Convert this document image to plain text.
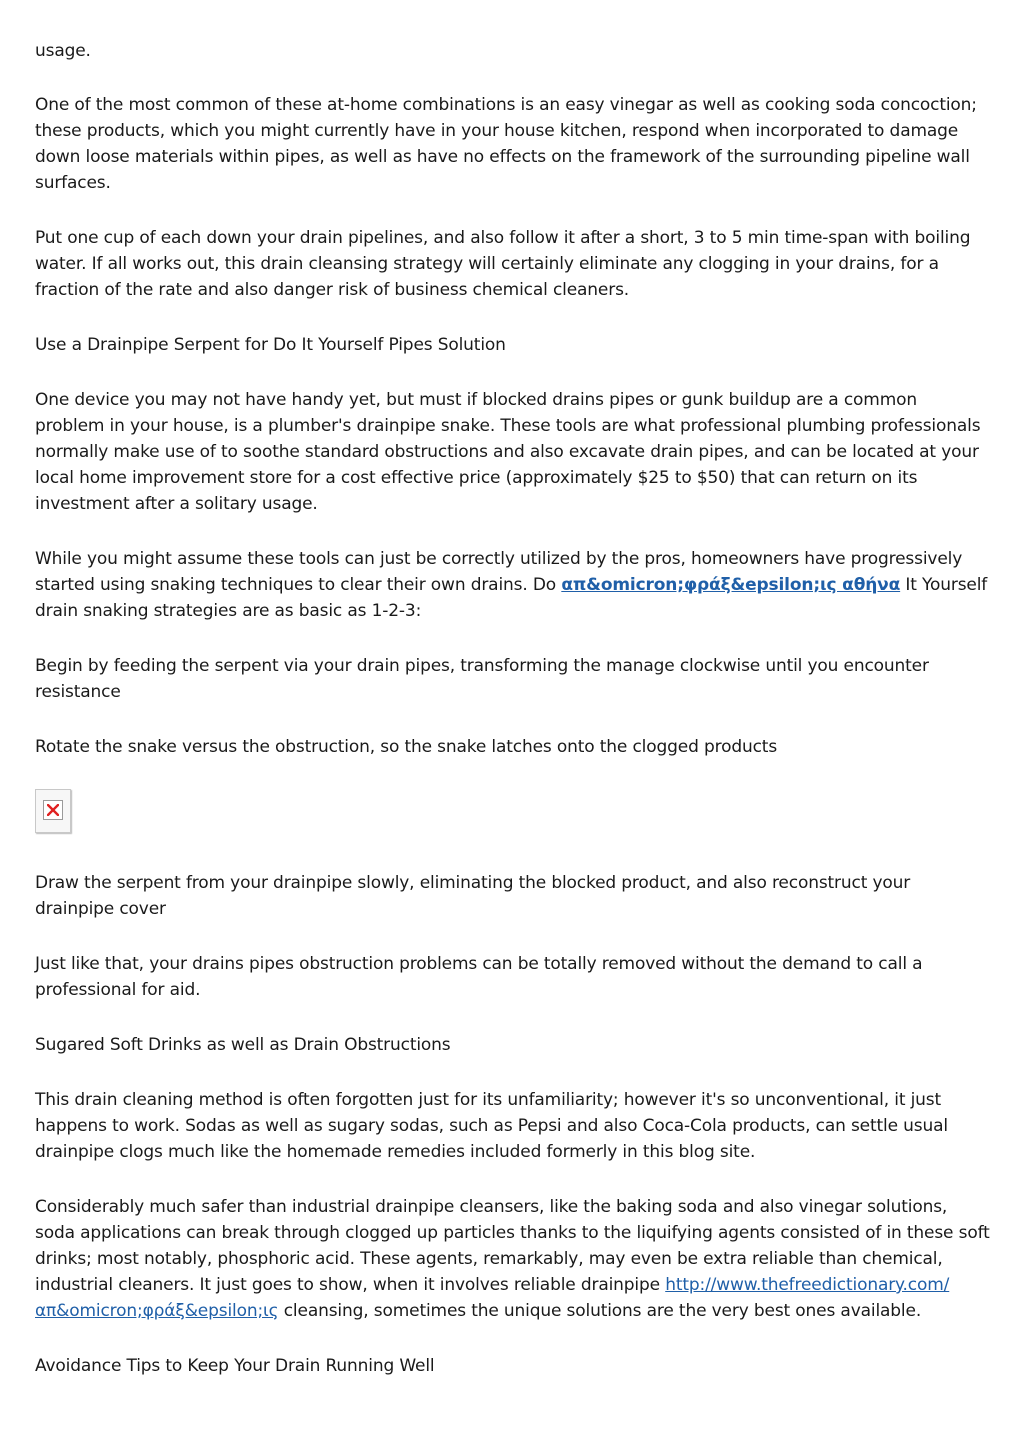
usage.

One of the most common of these at-home combinations is an easy vinegar as well as cooking soda concoction; these products, which you might currently have in your house kitchen, respond when incorporated to damage down loose materials within pipes, as well as have no effects on the framework of the surrounding pipeline wall surfaces.

Put one cup of each down your drain pipelines, and also follow it after a short, 3 to 5 min time-span with boiling water. If all works out, this drain cleansing strategy will certainly eliminate any clogging in your drains, for a fraction of the rate and also danger risk of business chemical cleaners.

Use a Drainpipe Serpent for Do It Yourself Pipes Solution

One device you may not have handy yet, but must if blocked drains pipes or gunk buildup are a common problem in your house, is a plumber's drainpipe snake. These tools are what professional plumbing professionals normally make use of to soothe standard obstructions and also excavate drain pipes, and can be located at your local home improvement store for a cost effective price (approximately $25 to $50) that can return on its investment after a solitary usage.

While you might assume these tools can just be correctly utilized by the pros, homeowners have progressively started using snaking techniques to clear their own drains. Do απ&omicron;φράξ&epsilon;ις αθήνα It Yourself drain snaking strategies are as basic as 1-2-3:

Begin by feeding the serpent via your drain pipes, transforming the manage clockwise until you encounter resistance

Rotate the snake versus the obstruction, so the snake latches onto the clogged products

Draw the serpent from your drainpipe slowly, eliminating the blocked product, and also reconstruct your drainpipe cover

Just like that, your drains pipes obstruction problems can be totally removed without the demand to call a professional for aid.

Sugared Soft Drinks as well as Drain Obstructions

This drain cleaning method is often forgotten just for its unfamiliarity; however it's so unconventional, it just happens to work. Sodas as well as sugary sodas, such as Pepsi and also Coca-Cola products, can settle usual drainpipe clogs much like the homemade remedies included formerly in this blog site.

Considerably much safer than industrial drainpipe cleansers, like the baking soda and also vinegar solutions, soda applications can break through clogged up particles thanks to the liquifying agents consisted of in these soft drinks; most notably, phosphoric acid. These agents, remarkably, may even be extra reliable than chemical, industrial cleaners. It just goes to show, when it involves reliable drainpipe http://www.thefreedictionary.com/απ&omicron;φράξ&epsilon;ις cleansing, sometimes the unique solutions are the very best ones available.

Avoidance Tips to Keep Your Drain Running Well
